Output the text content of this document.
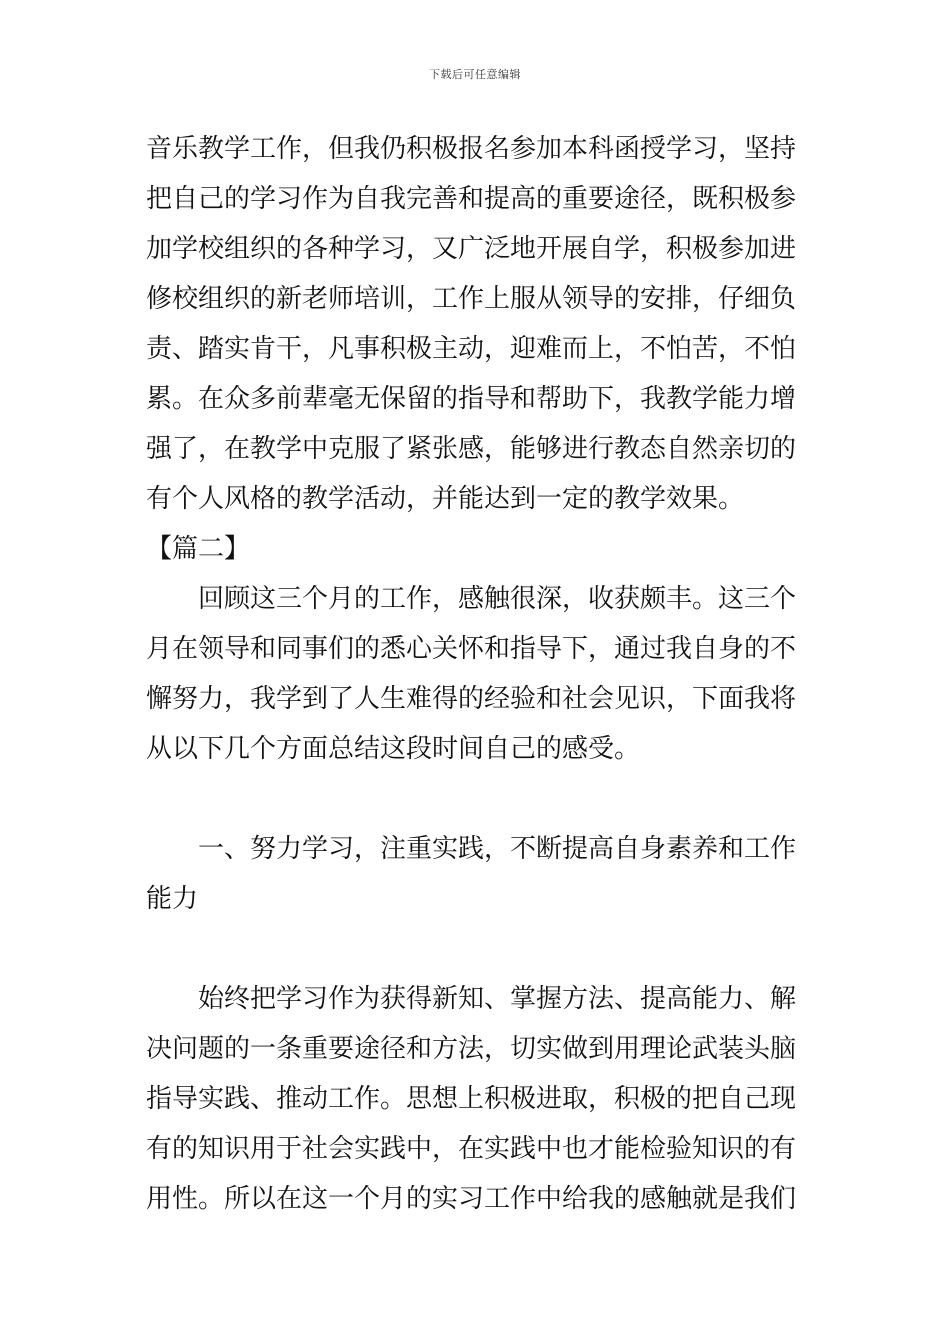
下载后可任意编辑
音乐教学工作，但我仍积极报名参加本科函授学习，坚持
把自己的学习作为自我完善和提高的重要途径，既积极参
加学校组织的各种学习，又广泛地开展自学，积极参加进
修校组织的新老师培训，工作上服从领导的安排，仔细负
责、踏实肯干，凡事积极主动，迎难而上，不怕苦，不怕
累。在众多前辈毫无保留的指导和帮助下，我教学能力增
强了，在教学中克服了紧张感，能够进行教态自然亲切的
有个人风格的教学活动，并能达到一定的教学效果。
【篇二】
回顾这三个月的工作，感触很深，收获颇丰。这三个
月在领导和同事们的悉心关怀和指导下，通过我自身的不
懈努力，我学到了人生难得的经验和社会见识，下面我将
从以下几个方面总结这段时间自己的感受。
一、努力学习，注重实践，不断提高自身素养和工作
能力
始终把学习作为获得新知、掌握方法、提高能力、解
决问题的一条重要途径和方法，切实做到用理论武装头脑
指导实践、推动工作。思想上积极进取，积极的把自己现
有的知识用于社会实践中，在实践中也才能检验知识的有
用性。所以在这一个月的实习工作中给我的感触就是我们
